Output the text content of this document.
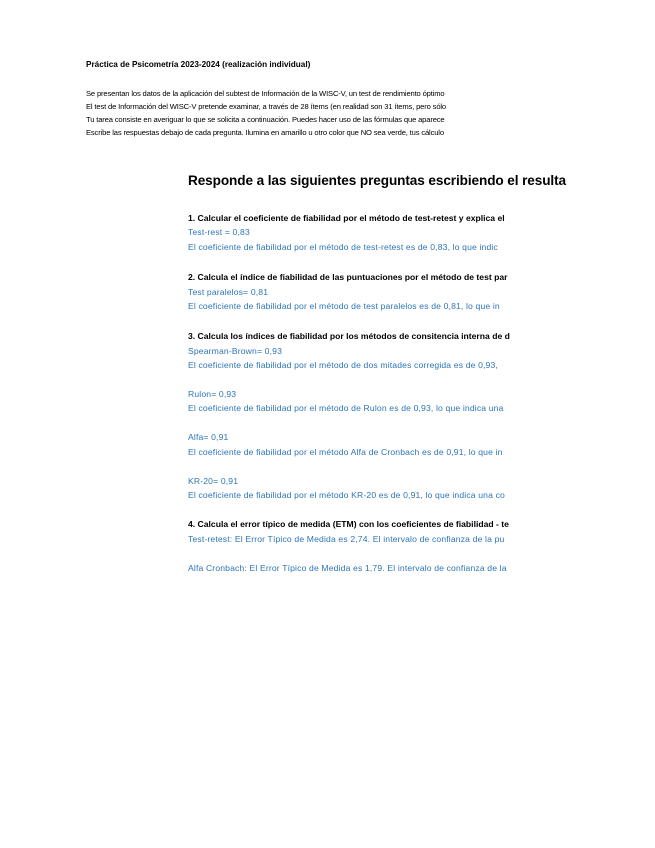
Práctica de Psicometría 2023-2024 (realización individual)
Se presentan los datos de la aplicación del subtest de Información de la WISC-V, un test de rendimiento óptimo
El test de Información del WISC-V pretende examinar, a través de 28 ítems (en realidad son 31 ítems, pero sólo
Tu tarea consiste en averiguar lo que se solicita a continuación. Puedes hacer uso de las fórmulas que aparece
Escribe las respuestas debajo de cada pregunta. Ilumina en amarillo u otro color que NO sea verde, tus cálculo
Responde a las siguientes preguntas escribiendo el resulta
1. Calcular el coeficiente de fiabilidad por el método de test-retest y explica el
Test-rest = 0,83
El coeficiente de fiabilidad por el método de test-retest es de 0,83, lo que indic
2. Calcula el índice de fiabilidad de las puntuaciones por el método de test par
Test paralelos= 0,81
El coeficiente de fiabilidad por el método de test paralelos es de 0,81, lo que in
3. Calcula los índices de fiabilidad por los métodos de consitencia interna de d
Spearman-Brown= 0,93
El coeficiente de fiabilidad por el método de dos mitades corregida es de 0,93,
Rulon= 0,93
El coeficiente de fiabilidad por el método de Rulon es de 0,93, lo que indica una
Alfa= 0,91
El coeficiente de fiabilidad por el método Alfa de Cronbach es de 0,91, lo que in
KR-20= 0,91
El coeficiente de fiabilidad por el método KR-20 es de 0,91, lo que indica una co
4. Calcula el error típico de medida (ETM) con los coeficientes de fiabilidad - te
Test-retest: El Error Típico de Medida es 2,74. El intervalo de confianza de la pu
Alfa Cronbach: El Error Típico de Medida es 1,79. El intervalo de confianza de la
